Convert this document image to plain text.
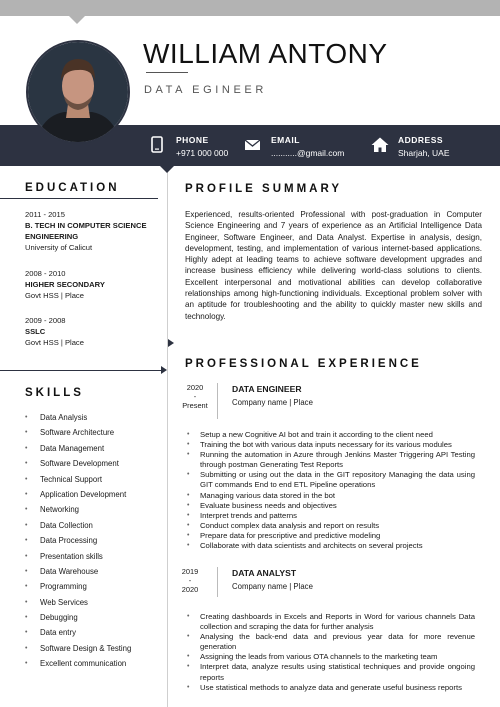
WILLIAM ANTONY
DATA EGINEER
PHONE
+971 000 000
EMAIL
...........@gmail.com
ADDRESS
Sharjah, UAE
EDUCATION
2011 - 2015
B. TECH IN COMPUTER SCIENCE ENGINEERING
University of Calicut
2008 - 2010
HIGHER SECONDARY
Govt HSS | Place
2009 - 2008
SSLC
Govt HSS | Place
SKILLS
• Data Analysis
• Software Architecture
• Data Management
• Software Development
• Technical Support
• Application Development
• Networking
• Data Collection
• Data Processing
• Presentation skills
• Data Warehouse
• Programming
• Web Services
• Debugging
• Data entry
• Software Design & Testing
• Excellent communication
PROFILE SUMMARY
Experienced, results-oriented Professional with post-graduation in Computer Science Engineering and 7 years of experience as an Artificial Intelligence Data Engineer, Software Engineer, and Data Analyst. Expertise in analysis, design, development, testing, and implementation of various internet-based applications. Highly adept at leading teams to achieve software development upgrades and increase business efficiency while delivering world-class solutions to clients. Excellent interpersonal and motivational abilities can develop collaborative relationships among high-functioning individuals. Exceptional problem solver with an aptitude for troubleshooting and the ability to quickly master new skills and technology.
PROFESSIONAL EXPERIENCE
2020
-
Present
DATA ENGINEER
Company name | Place
• Setup a new Cognitive AI bot and train it according to the client need
• Training the bot with various data inputs necessary for its various modules
• Running the automation in Azure through Jenkins Master Triggering API Testing through postman Generating Test Reports
• Submitting or using out the data in the GIT repository Managing the data using GIT commands End to end ETL Pipeline operations
• Managing various data stored in the bot
• Evaluate business needs and objectives
• Interpret trends and patterns
• Conduct complex data analysis and report on results
• Prepare data for prescriptive and predictive modeling
• Collaborate with data scientists and architects on several projects
2019
-
2020
DATA ANALYST
Company name | Place
• Creating dashboards in Excels and Reports in Word for various channels Data collection and scraping the data for further analysis
• Analysing the back-end data and previous year data for more revenue generation
• Assigning the leads from various OTA channels to the marketing team
• Interpret data, analyze results using statistical techniques and provide ongoing reports
• Use statistical methods to analyze data and generate useful business reports
